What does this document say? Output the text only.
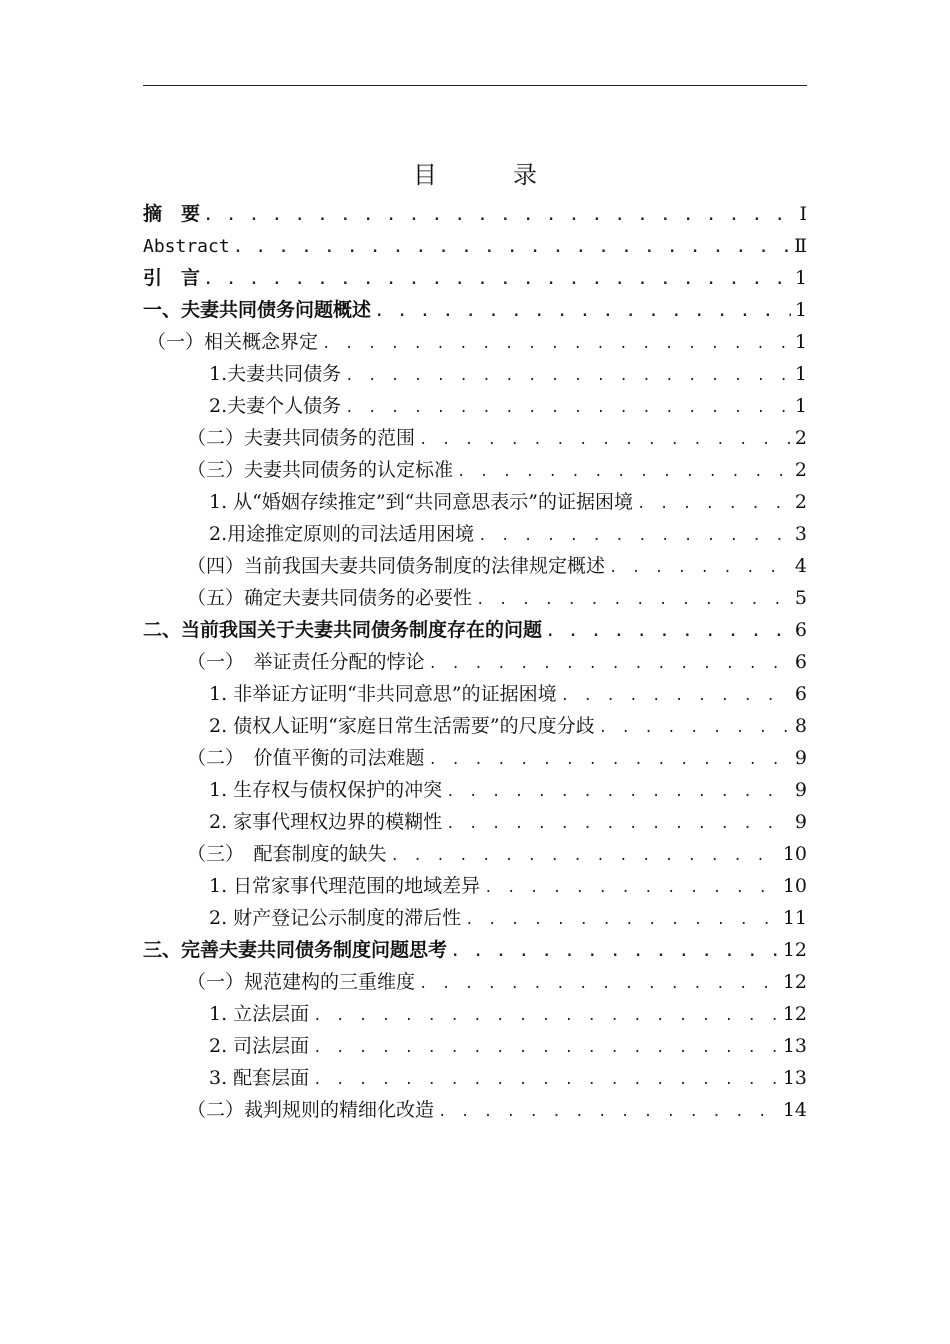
目　录
摘　要 . . .	Ⅰ
Abstract . . .	Ⅱ
引　言 . . .	1
一、夫妻共同债务问题概述 . . .	1
（一）相关概念界定 . . .	1
1.夫妻共同债务 . . .	1
2.夫妻个人债务 . . .	1
（二）夫妻共同债务的范围 . . .	2
（三）夫妻共同债务的认定标准 . . .	2
1. 从“婚姻存续推定”到“共同意思表示”的证据困境 . . .	2
2.用途推定原则的司法适用困境 . . .	3
（四）当前我国夫妻共同债务制度的法律规定概述 . . .	4
（五）确定夫妻共同债务的必要性 . . .	5
二、当前我国关于夫妻共同债务制度存在的问题 . . .	6
（一）　举证责任分配的悖论 . . .	6
1. 非举证方证明“非共同意思”的证据困境 . . .	6
2. 债权人证明“家庭日常生活需要”的尺度分歧 . . .	8
（二）　价值平衡的司法难题 . . .	9
1. 生存权与债权保护的冲突 . . .	9
2. 家事代理权边界的模糊性 . . .	9
（三）　配套制度的缺失 . . .	10
1. 日常家事代理范围的地域差异 . . .	10
2. 财产登记公示制度的滞后性 . . .	11
三、完善夫妻共同债务制度问题思考 . . .	12
（一）规范建构的三重维度 . . .	12
1. 立法层面 . . .	12
2. 司法层面 . . .	13
3. 配套层面 . . .	13
（二）裁判规则的精细化改造 . . .	14
